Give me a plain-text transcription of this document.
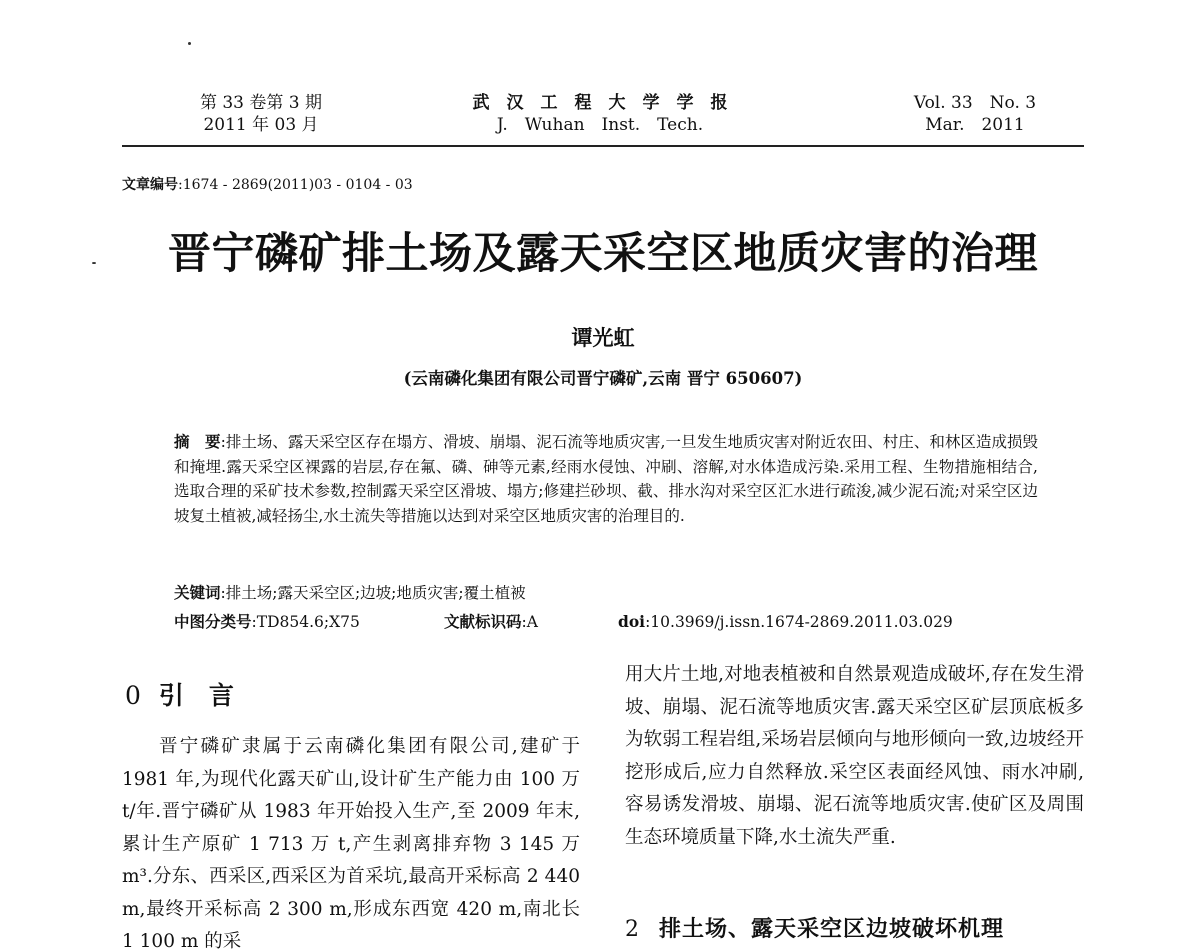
第 33 卷第 3 期
2011 年 03 月
武　汉　工　程　大　学　学　报
J.　Wuhan　Inst.　Tech.
Vol. 33　No. 3
Mar.　2011
文章编号:1674 - 2869(2011)03 - 0104 - 03
晋宁磷矿排土场及露天采空区地质灾害的治理
谭光虹
(云南磷化集团有限公司晋宁磷矿,云南 晋宁 650607)
摘　要:排土场、露天采空区存在塌方、滑坡、崩塌、泥石流等地质灾害,一旦发生地质灾害对附近农田、村庄、和林区造成损毁和掩埋.露天采空区裸露的岩层,存在氟、磷、砷等元素,经雨水侵蚀、冲刷、溶解,对水体造成污染.采用工程、生物措施相结合,选取合理的采矿技术参数,控制露天采空区滑坡、塌方;修建拦砂坝、截、排水沟对采空区汇水进行疏浚,减少泥石流;对采空区边坡复土植被,减轻扬尘,水土流失等措施以达到对采空区地质灾害的治理目的.
关键词:排土场;露天采空区;边坡;地质灾害;覆土植被
中图分类号:TD854.6;X75	文献标识码:A	doi:10.3969/j.issn.1674-2869.2011.03.029
0 引　言
晋宁磷矿隶属于云南磷化集团有限公司,建矿于 1981 年,为现代化露天矿山,设计矿生产能力由 100 万 t/年.晋宁磷矿从 1983 年开始投入生产,至 2009 年末,累计生产原矿 1 713 万 t,产生剥离排弃物 3 145 万 m³.分东、西采区,西采区为首采坑,最高开采标高 2 440 m,最终开采标高 2 300 m,形成东西宽 420 m,南北长 1 100 m 的采
用大片土地,对地表植被和自然景观造成破坏,存在发生滑坡、崩塌、泥石流等地质灾害.露天采空区矿层顶底板多为软弱工程岩组,采场岩层倾向与地形倾向一致,边坡经开挖形成后,应力自然释放.采空区表面经风蚀、雨水冲刷,容易诱发滑坡、崩塌、泥石流等地质灾害.使矿区及周围生态环境质量下降,水土流失严重.
2 排土场、露天采空区边坡破坏机理
